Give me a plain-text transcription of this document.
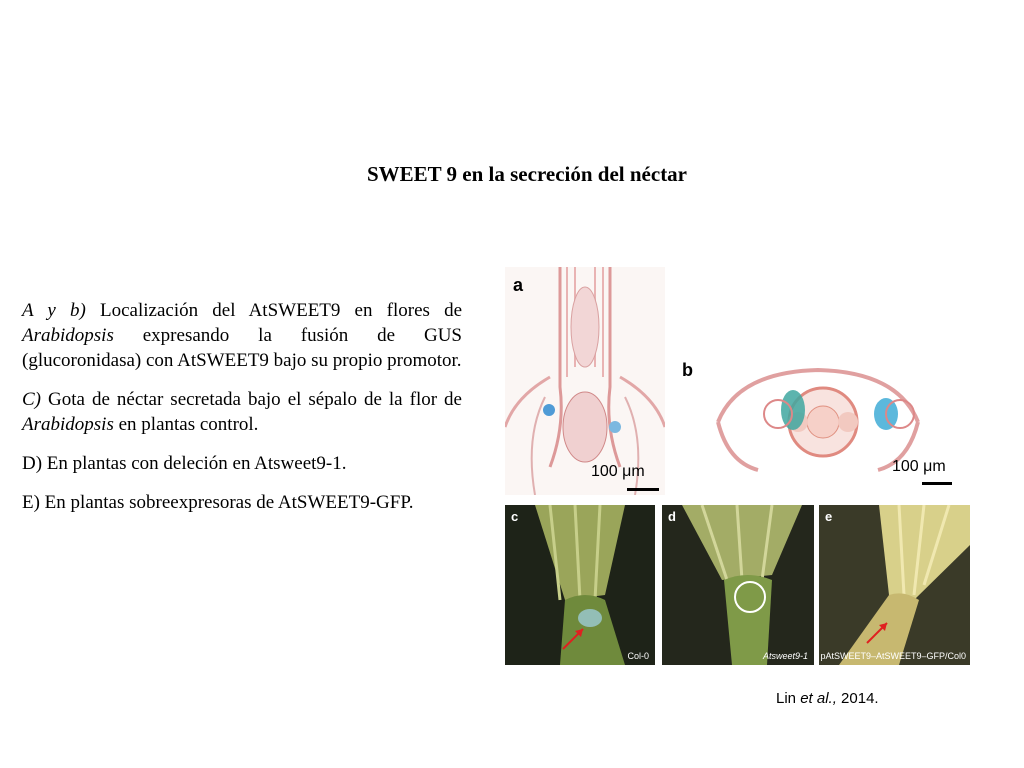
SWEET 9 en la secreción del néctar

A y b) Localización del AtSWEET9 en flores de Arabidopsis expresando la fusión de GUS (glucoronidasa) con AtSWEET9 bajo su propio promotor.

C) Gota de néctar secretada bajo el sépalo de la flor de Arabidopsis en plantas control.

D) En plantas con deleción en Atsweet9-1.

E) En plantas sobreexpresoras de AtSWEET9-GFP.

a
100 μm
b
100 μm
c
Col-0
d
Atsweet9-1
e
pAtSWEET9–AtSWEET9–GFP/Col0
Lin et al., 2014.
